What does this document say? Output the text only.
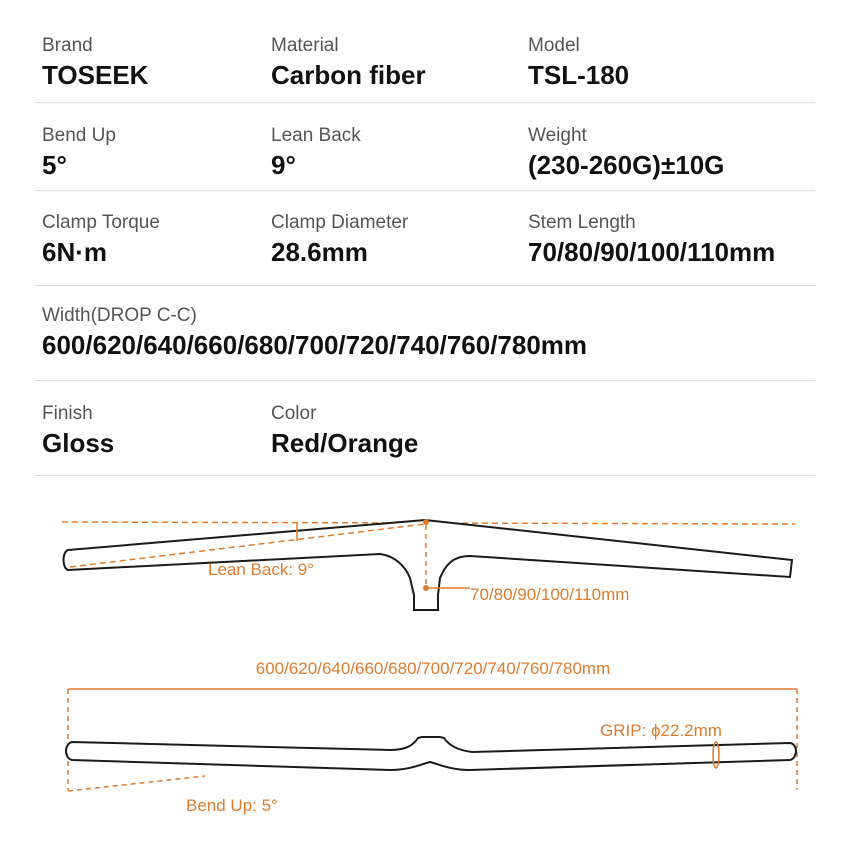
Brand
TOSEEK
Material
Carbon fiber
Model
TSL-180
Bend Up
5°
Lean Back
9°
Weight
(230-260G)±10G
Clamp Torque
6N·m
Clamp Diameter
28.6mm
Stem Length
70/80/90/100/110mm
Width(DROP C-C)
600/620/640/660/680/700/720/740/760/780mm
Finish
Gloss
Color
Red/Orange
Lean Back: 9°
70/80/90/100/110mm
600/620/640/660/680/700/720/740/760/780mm
GRIP: ϕ22.2mm
Bend Up: 5°
